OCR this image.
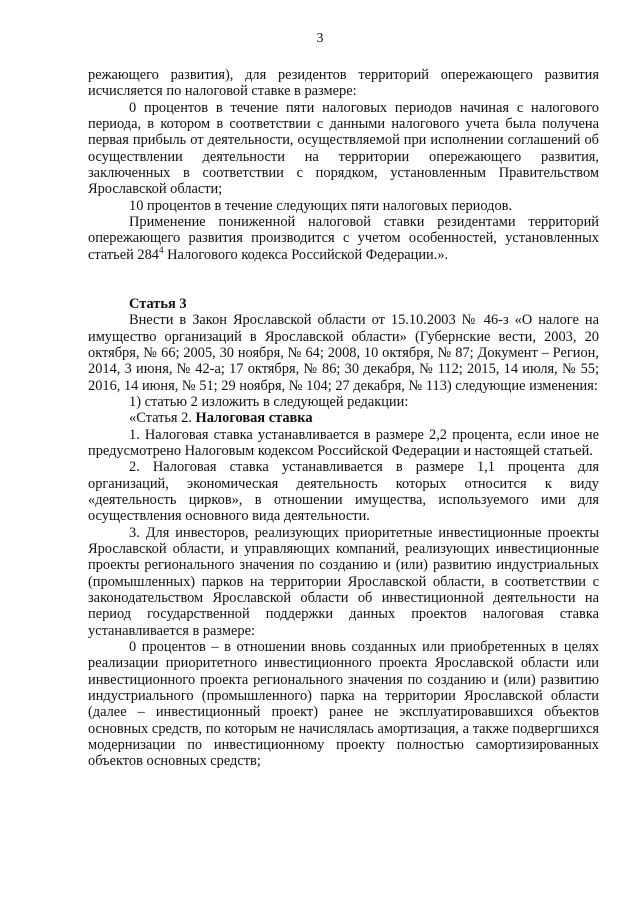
3

режающего развития), для резидентов территорий опережающего развития исчисляется по налоговой ставке в размере:

0 процентов в течение пяти налоговых периодов начиная с налогового периода, в котором в соответствии с данными налогового учета была получена первая прибыль от деятельности, осуществляемой при исполнении соглашений об осуществлении деятельности на территории опережающего развития, заключенных в соответствии с порядком, установленным Правительством Ярославской области;

10 процентов в течение следующих пяти налоговых периодов.

Применение пониженной налоговой ставки резидентами территорий опережающего развития производится с учетом особенностей, установленных статьей $284^4$ Налогового кодекса Российской Федерации.».

Статья 3

Внести в Закон Ярославской области от 15.10.2003 № 46-з «О налоге на имущество организаций в Ярославской области» (Губернские вести, 2003, 20 октября, № 66; 2005, 30 ноября, № 64; 2008, 10 октября, № 87; Документ – Регион, 2014, 3 июня, № 42-а; 17 октября, № 86; 30 декабря, № 112; 2015, 14 июля, № 55; 2016, 14 июня, № 51; 29 ноября, № 104; 27 декабря, № 113) следующие изменения:

1) статью 2 изложить в следующей редакции:

«Статья 2. Налоговая ставка

1. Налоговая ставка устанавливается в размере 2,2 процента, если иное не предусмотрено Налоговым кодексом Российской Федерации и настоящей статьей.

2. Налоговая ставка устанавливается в размере 1,1 процента для организаций, экономическая деятельность которых относится к виду «деятельность цирков», в отношении имущества, используемого ими для осуществления основного вида деятельности.

3. Для инвесторов, реализующих приоритетные инвестиционные проекты Ярославской области, и управляющих компаний, реализующих инвестиционные проекты регионального значения по созданию и (или) развитию индустриальных (промышленных) парков на территории Ярославской области, в соответствии с законодательством Ярославской области об инвестиционной деятельности на период государственной поддержки данных проектов налоговая ставка устанавливается в размере:

0 процентов – в отношении вновь созданных или приобретенных в целях реализации приоритетного инвестиционного проекта Ярославской области или инвестиционного проекта регионального значения по созданию и (или) развитию индустриального (промышленного) парка на территории Ярославской области (далее – инвестиционный проект) ранее не эксплуатировавшихся объектов основных средств, по которым не начислялась амортизация, а также подвергшихся модернизации по инвестиционному проекту полностью самортизированных объектов основных средств;
